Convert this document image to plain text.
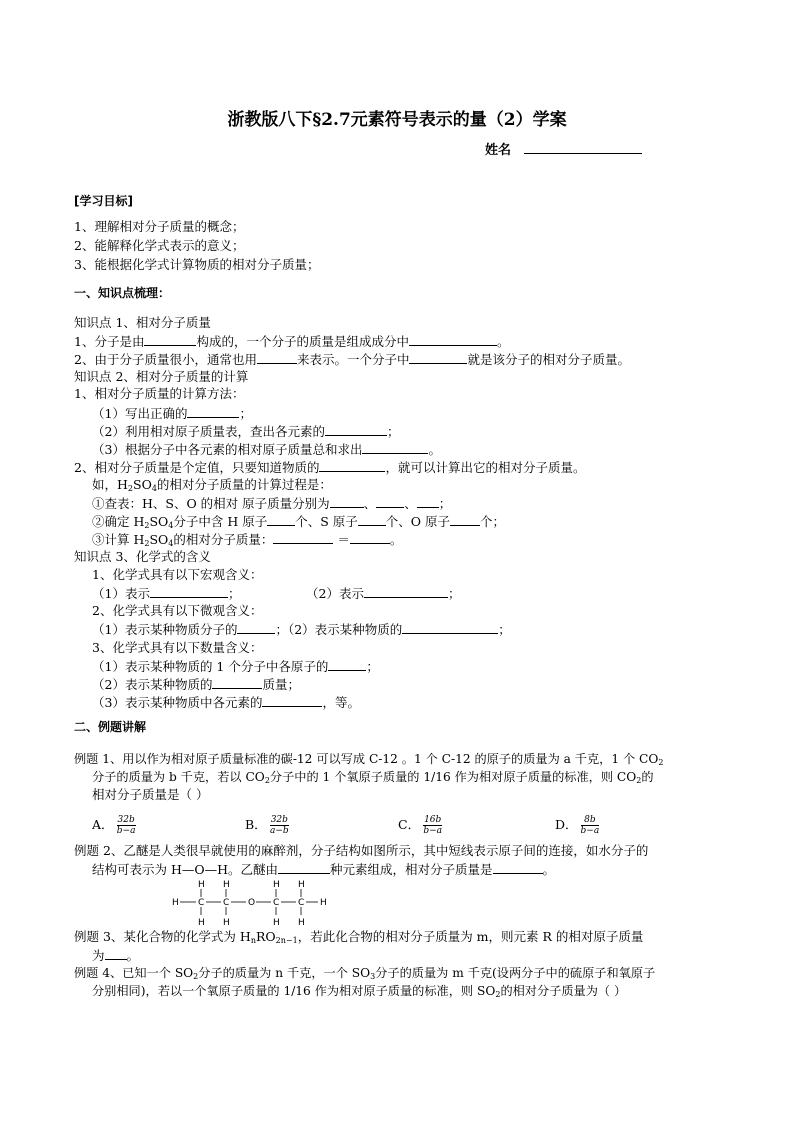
浙教版八下§2.7元素符号表示的量（2）学案
姓名
[学习目标]
1、理解相对分子质量的概念；
2、能解释化学式表示的意义；
3、能根据化学式计算物质的相对分子质量；
一、知识点梳理：
知识点 1、相对分子质量
1、分子是由	构成的，一个分子的质量是组成成分中	。
2、由于分子质量很小，通常也用	来表示。一个分子中	就是该分子的相对分子质量。
知识点 2、相对分子质量的计算
1、相对分子质量的计算方法：
（1）写出正确的	；
（2）利用相对原子质量表，查出各元素的	；
（3）根据分子中各元素的相对原子质量总和求出	。
2、相对分子质量是个定值，只要知道物质的	，就可以计算出它的相对分子质量。
如，$H_2SO_4$的相对分子质量的计算过程是：
①查表：H、S、O 的相对 原子质量分别为	、 、 ；
②确定 $H_2SO_4$分子中含 H 原子 个、S 原子 个、O 原子 个；
③计算 $H_2SO_4$的相对分子质量：	＝	。
知识点 3、化学式的含义
1、化学式具有以下宏观含义：
（1）表示	；	（2）表示	；
2、化学式具有以下微观含义：
（1）表示某种物质分子的	；（2）表示某种物质的	；
3、化学式具有以下数量含义：
（1）表示某种物质的 1 个分子中各原子的	；
（2）表示某种物质的	质量；
（3）表示某种物质中各元素的	，等。
二、例题讲解
例题 1、用以作为相对原子质量标准的碳-12 可以写成 C-12 。1 个 C-12 的原子的质量为 a 千克，1 个 $CO_2$
分子的质量为 b 千克，若以 $CO_2$分子中的 1 个氧原子质量的 1/16 作为相对原子质量的标准，则 $CO_2$的
相对分子质量是（ ）
A． $\frac{32b}{b-a}$	B． $\frac{32b}{a-b}$	C． $\frac{16b}{b-a}$	D． $\frac{8b}{b-a}$
例题 2、乙醚是人类很早就使用的麻醉剂，分子结构如图所示，其中短线表示原子间的连接，如水分子的
结构可表示为 H—O—H。乙醚由	种元素组成，相对分子质量是	。
H H	H H
H C C O C C H
H H	H H
例题 3、某化合物的化学式为 $H_nRO_{2n-1}$，若此化合物的相对分子质量为 m，则元素 R 的相对原子质量
为 。
例题 4、已知一个 $SO_2$分子的质量为 n 千克，一个 $SO_3$分子的质量为 m 千克(设两分子中的硫原子和氧原子
分别相同)，若以一个氧原子质量的 1/16 作为相对原子质量的标准，则 $SO_2$的相对分子质量为（ ）
